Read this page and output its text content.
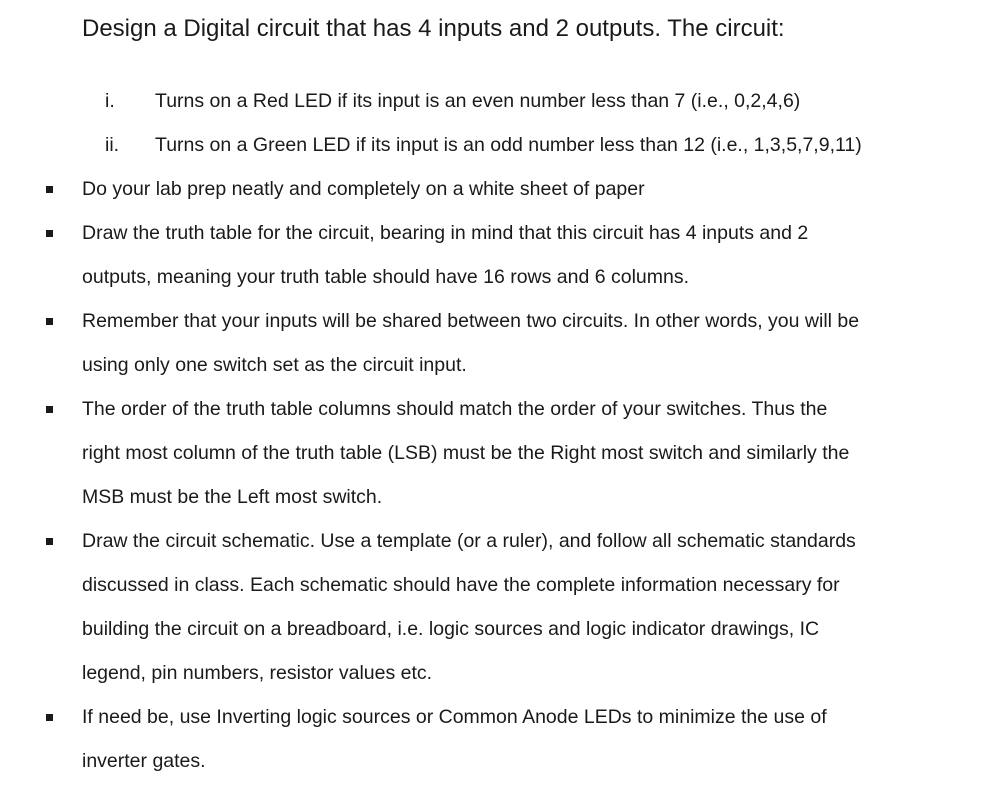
Design a Digital circuit that has 4 inputs and 2 outputs. The circuit:
i.	Turns on a Red LED if its input is an even number less than 7 (i.e., 0,2,4,6)
ii.	Turns on a Green LED if its input is an odd number less than 12 (i.e., 1,3,5,7,9,11)
Do your lab prep neatly and completely on a white sheet of paper
Draw the truth table for the circuit, bearing in mind that this circuit has 4 inputs and 2
outputs, meaning your truth table should have 16 rows and 6 columns.
Remember that your inputs will be shared between two circuits. In other words, you will be
using only one switch set as the circuit input.
The order of the truth table columns should match the order of your switches. Thus the
right most column of the truth table (LSB) must be the Right most switch and similarly the
MSB must be the Left most switch.
Draw the circuit schematic. Use a template (or a ruler), and follow all schematic standards
discussed in class. Each schematic should have the complete information necessary for
building the circuit on a breadboard, i.e. logic sources and logic indicator drawings, IC
legend, pin numbers, resistor values etc.
If need be, use Inverting logic sources or Common Anode LEDs to minimize the use of
inverter gates.
